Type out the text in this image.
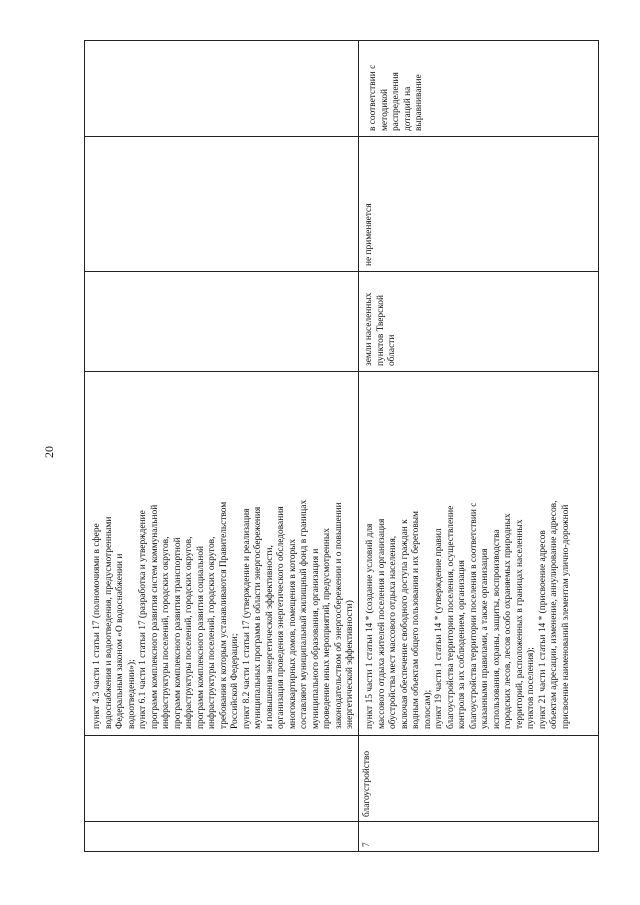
20
пункт 4.3 части 1 статьи 17 (полномочиями в сфере водоснабжения и водоотведения, предусмотренными Федеральным законом «О водоснабжении и водоотведении»); пункт 6.1 части 1 статьи 17 (разработка и утверждение программ комплексного развития систем коммунальной инфраструктуры поселений, городских округов, программ комплексного развития транспортной инфраструктуры поселений, городских округов, программ комплексного развития социальной инфраструктуры поселений, городских округов, требования к которым устанавливаются Правительством Российской Федерации; пункт 8.2 части 1 статьи 17 (утверждение и реализация муниципальных программ в области энергосбережения и повышения энергетической эффективности, организация проведения энергетического обследования многоквартирных домов, помещения в которых составляют муниципальный жилищный фонд в границах муниципального образования, организация и проведение иных мероприятий, предусмотренных законодательством об энергосбережении и о повышении энергетической эффективности)
в соответствии с методикой распределения дотаций на выравнивание
7
благоустройство
пункт 15 части 1 статьи 14 * (создание условий для массового отдыха жителей поселения и организация обустройства мест массового отдыха населения, включая обеспечение свободного доступа граждан к водным объектам общего пользования и их береговым полосам); пункт 19 части 1 статьи 14 * (утверждение правил благоустройства территории поселения, осуществление контроля за их соблюдением, организация благоустройства территории поселения в соответствии с указанными правилами, а также организация использования, охраны, защиты, воспроизводства городских лесов, лесов особо охраняемых природных территорий, расположенных в границах населенных пунктов поселения); пункт 21 части 1 статьи 14 * (присвоение адресов объектам адресации, изменение, аннулирование адресов, присвоение наименований элементам улично-дорожной
земли населенных пунктов Тверской области
не применяется
